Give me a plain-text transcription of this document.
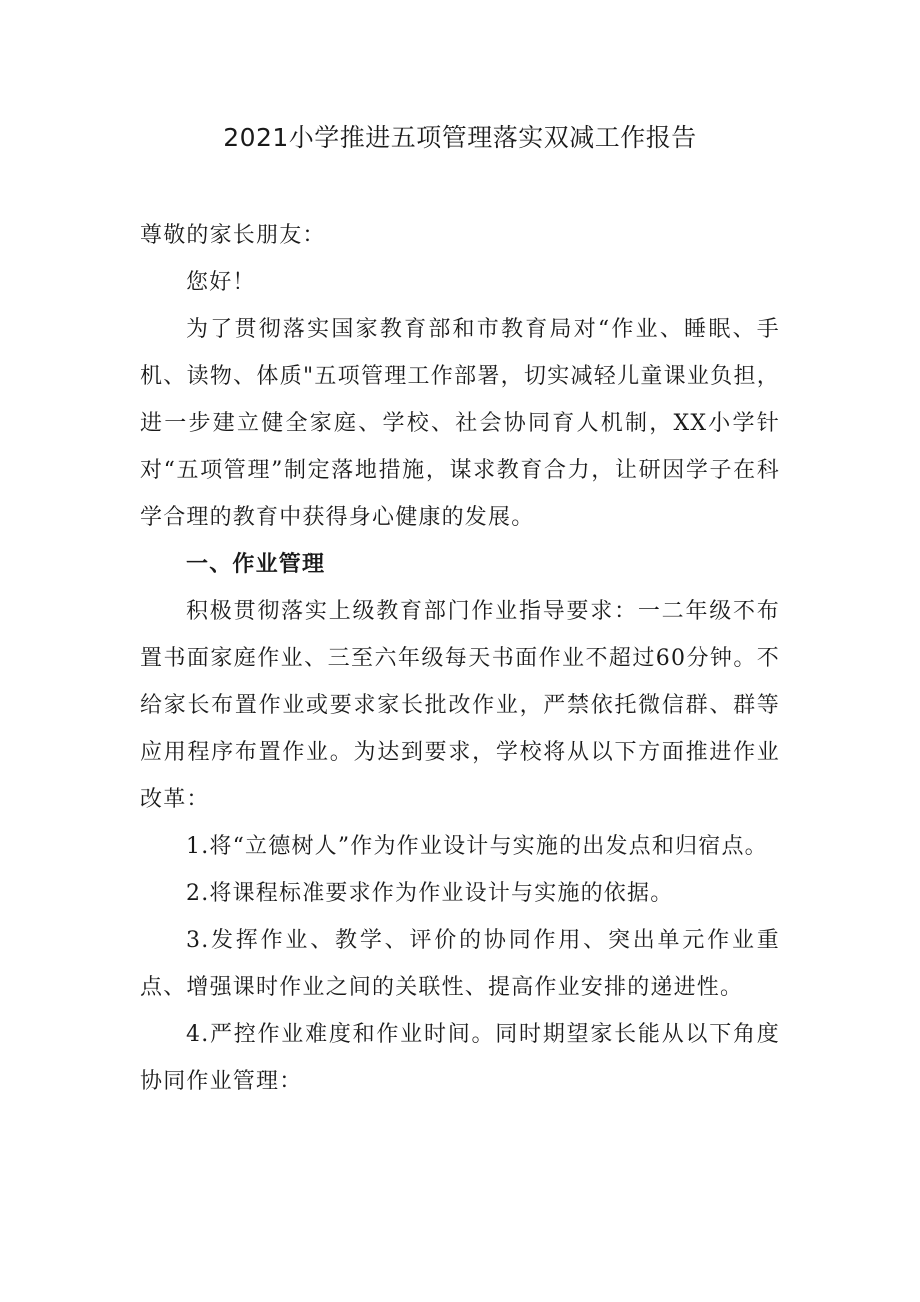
2021小学推进五项管理落实双减工作报告

尊敬的家长朋友：

您好！

为了贯彻落实国家教育部和市教育局对“作业、睡眠、手机、读物、体质"五项管理工作部署，切实减轻儿童课业负担，进一步建立健全家庭、学校、社会协同育人机制，XX小学针对“五项管理”制定落地措施，谋求教育合力，让研因学子在科学合理的教育中获得身心健康的发展。

一、作业管理

积极贯彻落实上级教育部门作业指导要求：一二年级不布置书面家庭作业、三至六年级每天书面作业不超过60分钟。不给家长布置作业或要求家长批改作业，严禁依托微信群、群等应用程序布置作业。为达到要求，学校将从以下方面推进作业改革：

1.将“立德树人”作为作业设计与实施的出发点和归宿点。

2.将课程标准要求作为作业设计与实施的依据。

3.发挥作业、教学、评价的协同作用、突出单元作业重点、增强课时作业之间的关联性、提高作业安排的递进性。

4.严控作业难度和作业时间。同时期望家长能从以下角度协同作业管理：
